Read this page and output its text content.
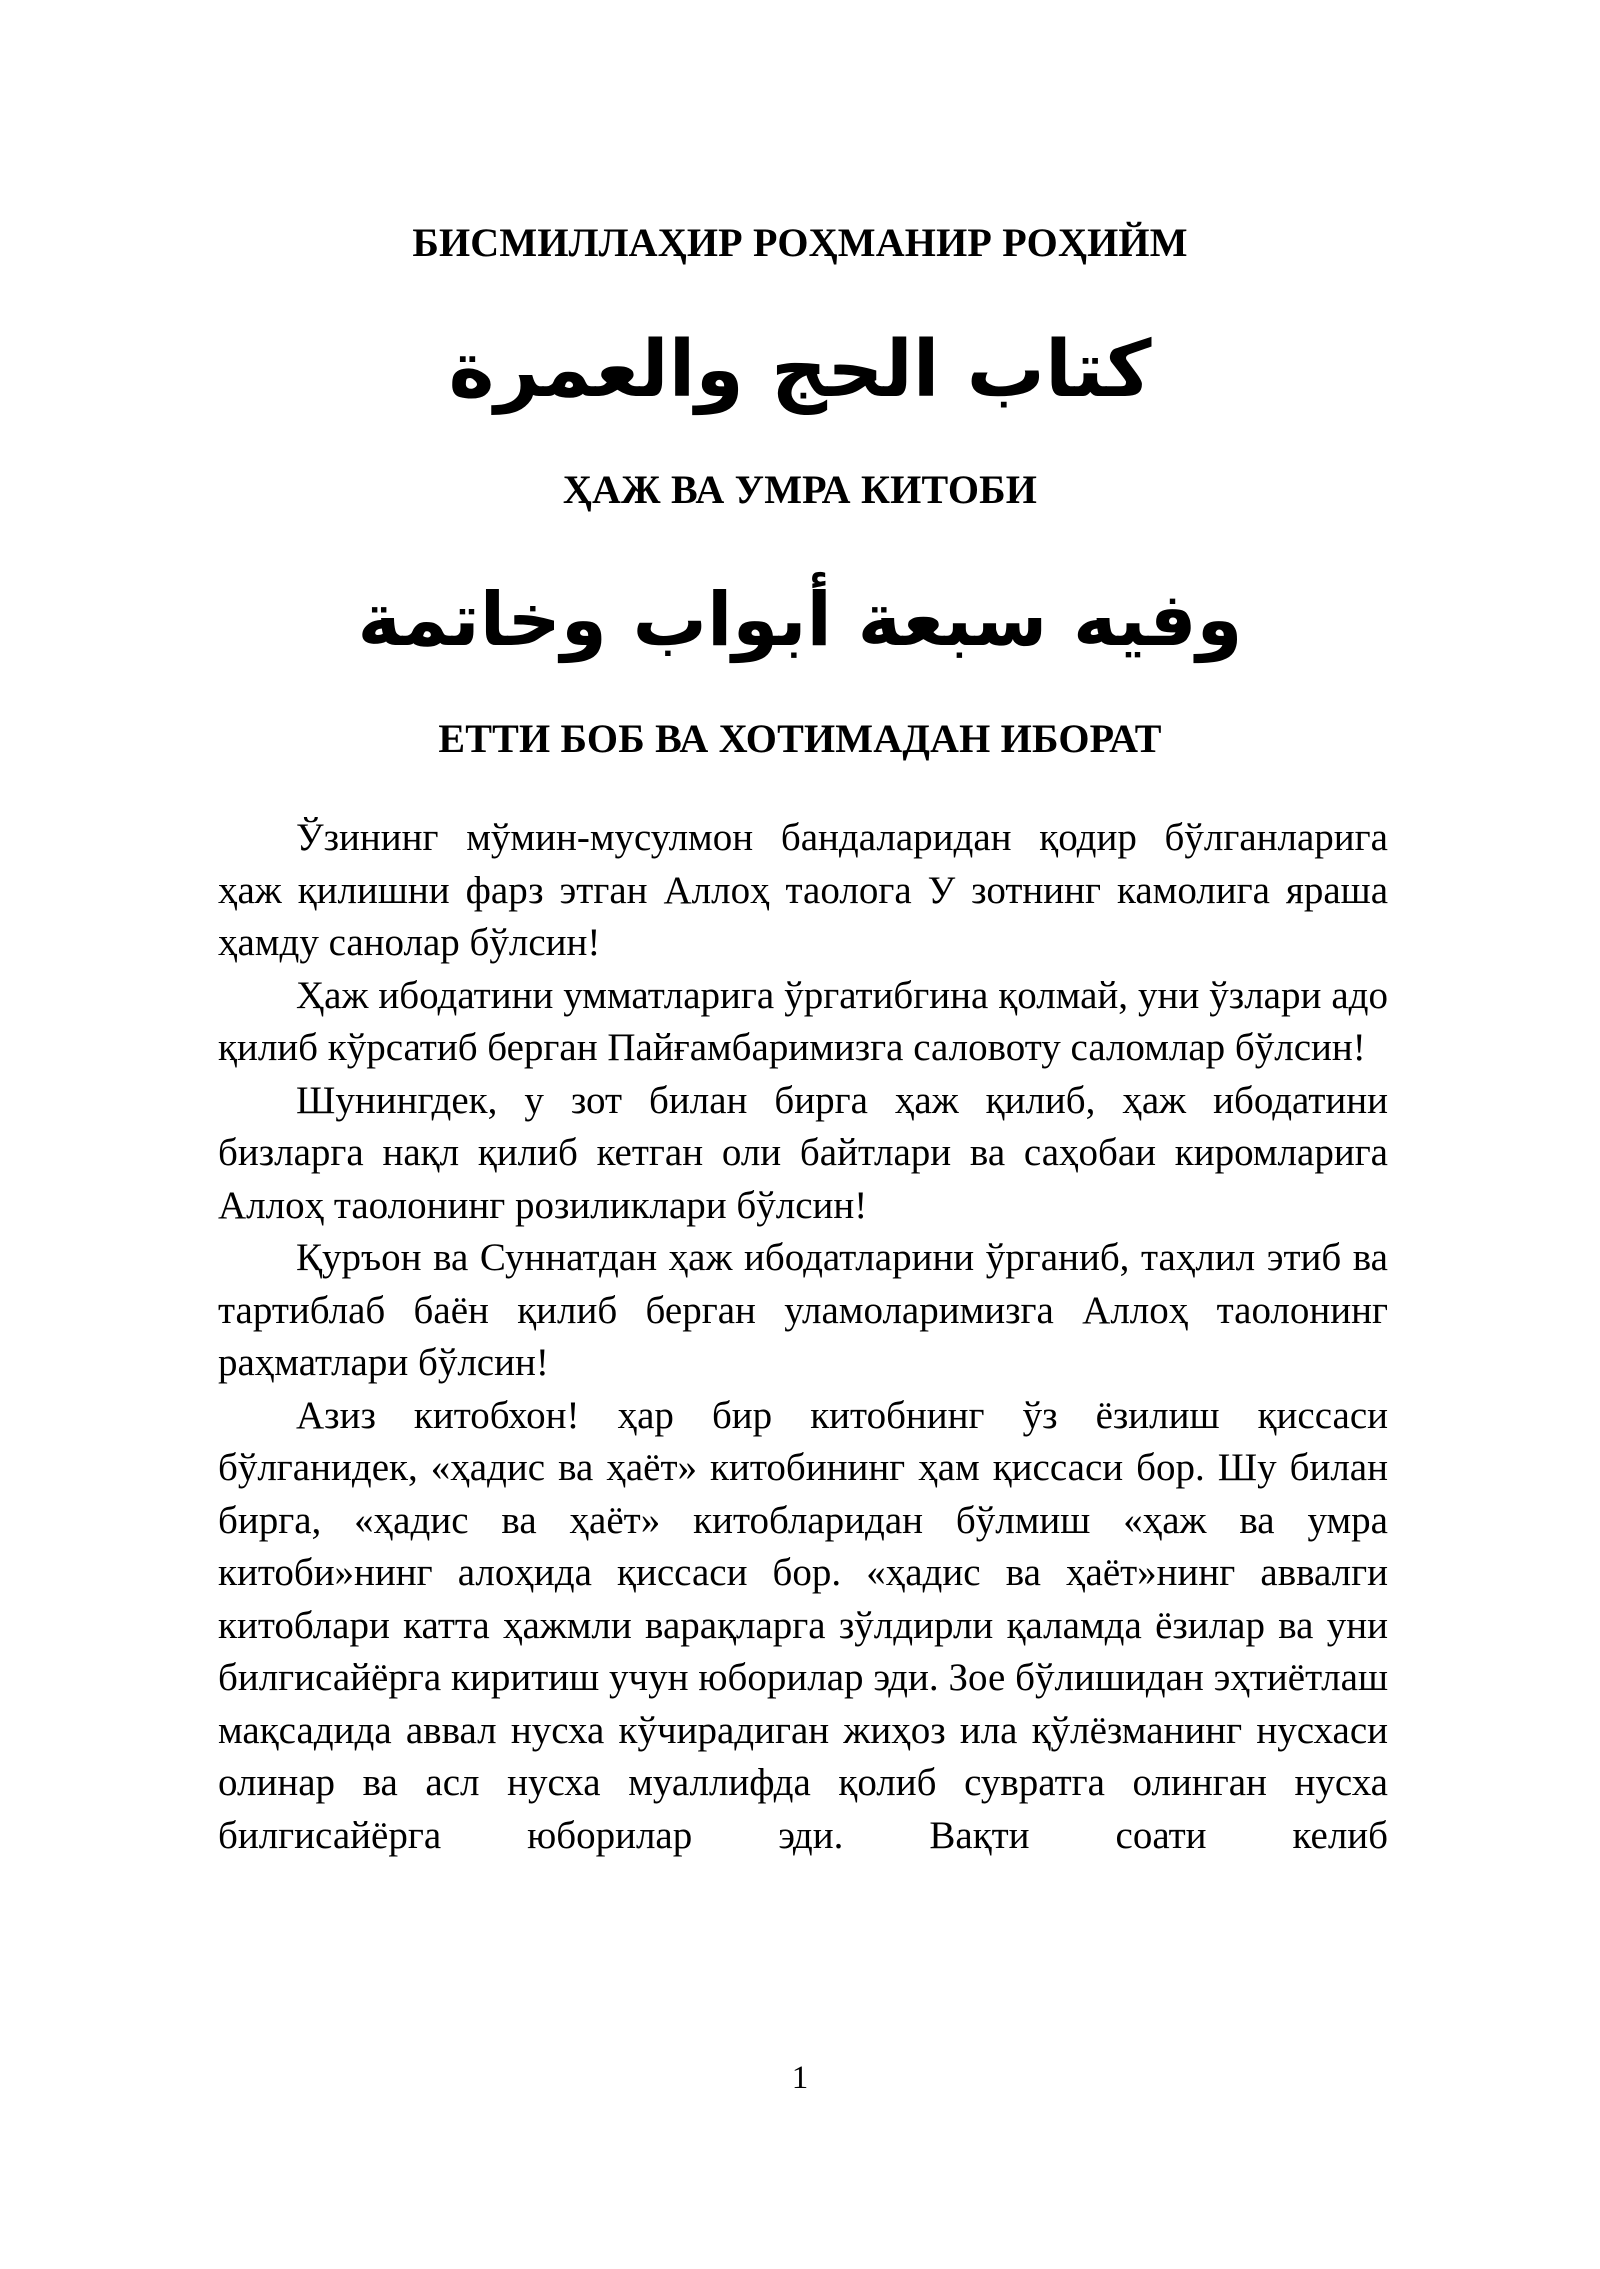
БИСМИЛЛАҲИР РОҲМАНИР РОҲИЙМ
كتاب الحج والعمرة
ҲАЖ ВА УМРА КИТОБИ
وفيه سبعة أبواب وخاتمة
ЕТТИ БОБ ВА ХОТИМАДАН ИБОРАТ

Ўзининг мўмин-мусулмон бандаларидан қодир бўлганларига ҳаж қилишни фарз этган Аллоҳ таолога У зотнинг камолига яраша ҳамду санолар бўлсин!

Ҳаж ибодатини умматларига ўргатибгина қолмай, уни ўзлари адо қилиб кўрсатиб берган Пайғамбаримизга саловоту саломлар бўлсин!

Шунингдек, у зот билан бирга ҳаж қилиб, ҳаж ибодатини бизларга нақл қилиб кетган оли байтлари ва саҳобаи киромларига Аллоҳ таолонинг розиликлари бўлсин!

Қуръон ва Суннатдан ҳаж ибодатларини ўрганиб, таҳлил этиб ва тартиблаб баён қилиб берган уламоларимизга Аллоҳ таолонинг раҳматлари бўлсин!

Азиз китобхон! ҳар бир китобнинг ўз ёзилиш қиссаси бўлганидек, «ҳадис ва ҳаёт» китобининг ҳам қиссаси бор. Шу билан бирга, «ҳадис ва ҳаёт» китобларидан бўлмиш «ҳаж ва умра китоби»нинг алоҳида қиссаси бор. «ҳадис ва ҳаёт»нинг аввалги китоблари катта ҳажмли варақларга зўлдирли қаламда ёзилар ва уни билгисайёрга киритиш учун юборилар эди. Зое бўлишидан эҳтиётлаш мақсадида аввал нусха кўчирадиган жиҳоз ила қўлёзманинг нусхаси олинар ва асл нусха муаллифда қолиб сувратга олинган нусха билгисайёрга юборилар эди. Вақти соати келиб

1
